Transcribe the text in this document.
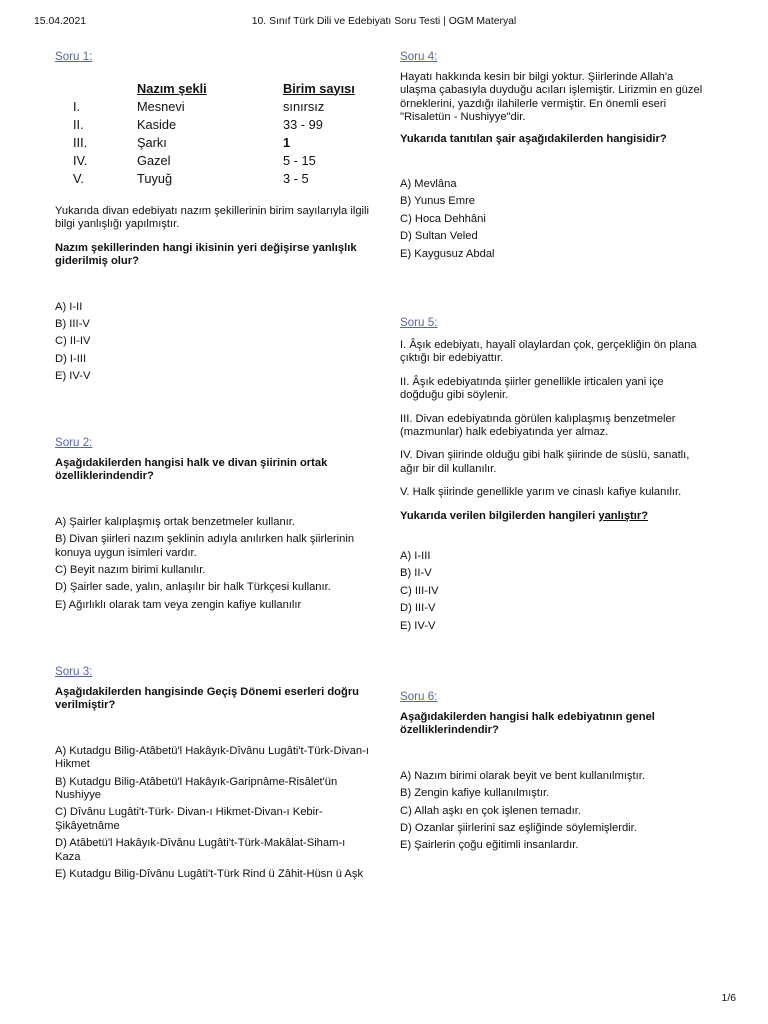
15.04.2021	10. Sınıf Türk Dili ve Edebiyatı Soru Testi | OGM Materyal
Soru 1:
	Nazım şekli	Birim sayısı
I.	Mesnevi	sınırsız
II.	Kaside	33 - 99
III.	Şarkı	1
IV.	Gazel	5 - 15
V.	Tuyuğ	3 - 5

Yukarıda divan edebiyatı nazım şekillerinin birim sayılarıyla ilgili bilgi yanlışlığı yapılmıştır.

Nazım şekillerinden hangi ikisinin yeri değişirse yanlışlık giderilmiş olur?

A) I-II
B) III-V
C) II-IV
D) I-III
E) IV-V
Soru 2:

Aşağıdakilerden hangisi halk ve divan şiirinin ortak özelliklerindendir?

A) Şairler kalıplaşmış ortak benzetmeler kullanır.
B) Divan şiirleri nazım şeklinin adıyla anılırken halk şiirlerinin konuya uygun isimleri vardır.
C) Beyit nazım birimi kullanılır.
D) Şairler sade, yalın, anlaşılır bir halk Türkçesi kullanır.
E) Ağırlıklı olarak tam veya zengin kafiye kullanılır
Soru 3:

Aşağıdakilerden hangisinde Geçiş Dönemi eserleri doğru verilmiştir?

A) Kutadgu Bilig-Atâbetü'l Hakâyık-Dîvânu Lugâti't-Türk-Divan-ı Hikmet
B) Kutadgu Bilig-Atâbetü'l Hakâyık-Garipnâme-Risâlet'ün Nushiyye
C) Dîvânu Lugâti't-Türk- Divan-ı Hikmet-Divan-ı Kebir-Şikâyetnâme
D) Atâbetü'l Hakâyık-Dîvânu Lugâti't-Türk-Makâlat-Siham-ı Kaza
E) Kutadgu Bilig-Dîvânu Lugâti't-Türk Rind ü Zâhit-Hüsn ü Aşk
Soru 4:

Hayatı hakkında kesin bir bilgi yoktur. Şiirlerinde Allah'a ulaşma çabasıyla duyduğu acıları işlemiştir. Lirizmin en güzel örneklerini, yazdığı ilahilerle vermiştir. En önemli eseri "Risaletün - Nushiyye"dir.

Yukarıda tanıtılan şair aşağıdakilerden hangisidir?

A) Mevlâna
B) Yunus Emre
C) Hoca Dehhâni
D) Sultan Veled
E) Kaygusuz Abdal
Soru 5:

I. Âşık edebiyatı, hayalî olaylardan çok, gerçekliğin ön plana çıktığı bir edebiyattır.

II. Âşık edebiyatında şiirler genellikle irticalen yani içe doğduğu gibi söylenir.

III. Divan edebiyatında görülen kalıplaşmış benzetmeler (mazmunlar) halk edebiyatında yer almaz.

IV. Divan şiirinde olduğu gibi halk şiirinde de süslü, sanatlı, ağır bir dil kullanılır.

V. Halk şiirinde genellikle yarım ve cinaslı kafiye kulanılır.

Yukarıda verilen bilgilerden hangileri yanlıştır?

A) I-III
B) II-V
C) III-IV
D) III-V
E) IV-V
Soru 6:

Aşağıdakilerden hangisi halk edebiyatının genel özelliklerindendir?

A) Nazım birimi olarak beyit ve bent kullanılmıştır.
B) Zengin kafiye kullanılmıştır.
C) Allah aşkı en çok işlenen temadır.
D) Ozanlar şiirlerini saz eşliğinde söylemişlerdir.
E) Şairlerin çoğu eğitimli insanlardır.
1/6
